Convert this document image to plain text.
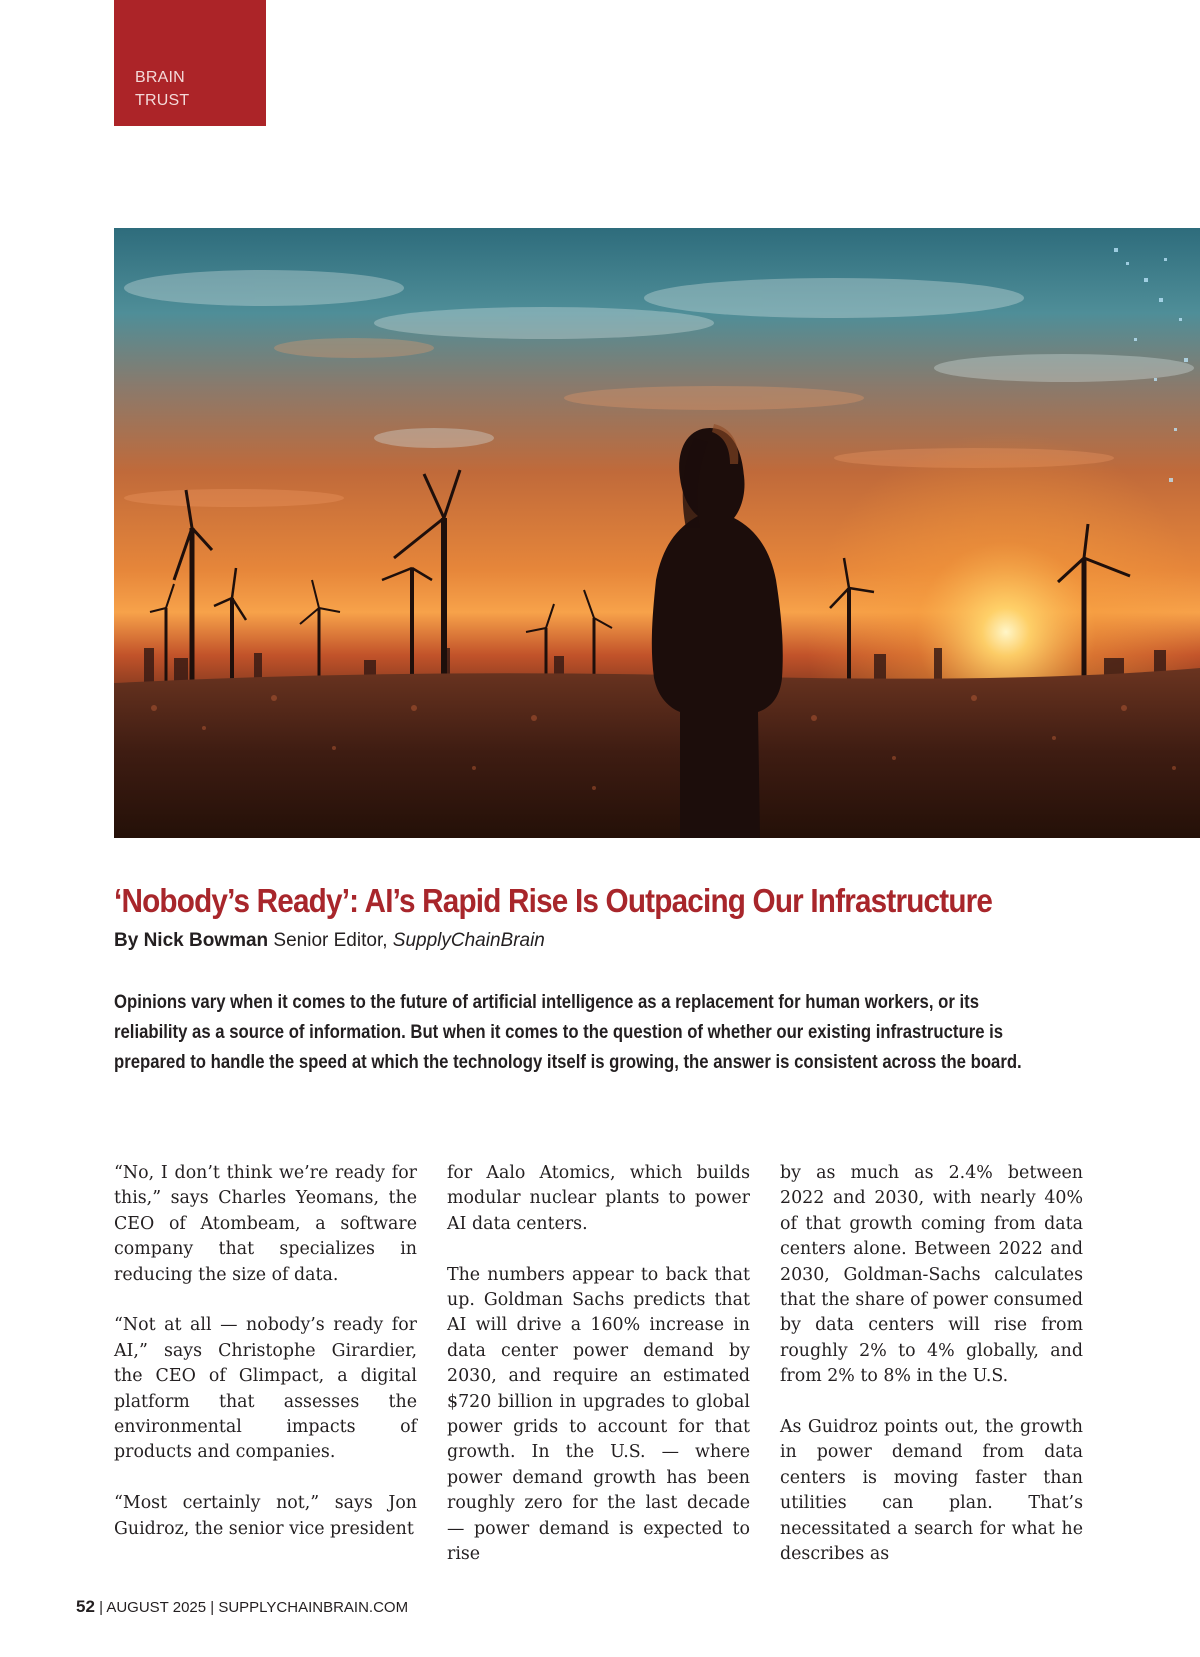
BRAIN
TRUST
‘Nobody’s Ready’: AI’s Rapid Rise Is Outpacing Our Infrastructure
By Nick Bowman Senior Editor, SupplyChainBrain
Opinions vary when it comes to the future of artificial intelligence as a replacement for human workers, or its
reliability as a source of information. But when it comes to the question of whether our existing infrastructure is
prepared to handle the speed at which the technology itself is growing, the answer is consistent across the board.

“No, I don’t think we’re ready for this,” says Charles Yeomans, the CEO of Atombeam, a software company that specializes in reducing the size of data.

“Not at all — nobody’s ready for AI,” says Christophe Girardier, the CEO of Glimpact, a digital platform that assesses the environmental impacts of products and companies.

“Most certainly not,” says Jon Guidroz, the senior vice president

for Aalo Atomics, which builds modular nuclear plants to power AI data centers.

The numbers appear to back that up. Goldman Sachs predicts that AI will drive a 160% increase in data center power demand by 2030, and require an estimated $720 billion in upgrades to global power grids to account for that growth. In the U.S. — where power demand growth has been roughly zero for the last decade — power demand is expected to rise

by as much as 2.4% between 2022 and 2030, with nearly 40% of that growth coming from data centers alone. Between 2022 and 2030, Goldman-Sachs calculates that the share of power consumed by data centers will rise from roughly 2% to 4% globally, and from 2% to 8% in the U.S.

As Guidroz points out, the growth in power demand from data centers is moving faster than utilities can plan. That’s necessitated a search for what he describes as

52 | AUGUST 2025 | SUPPLYCHAINBRAIN.COM
